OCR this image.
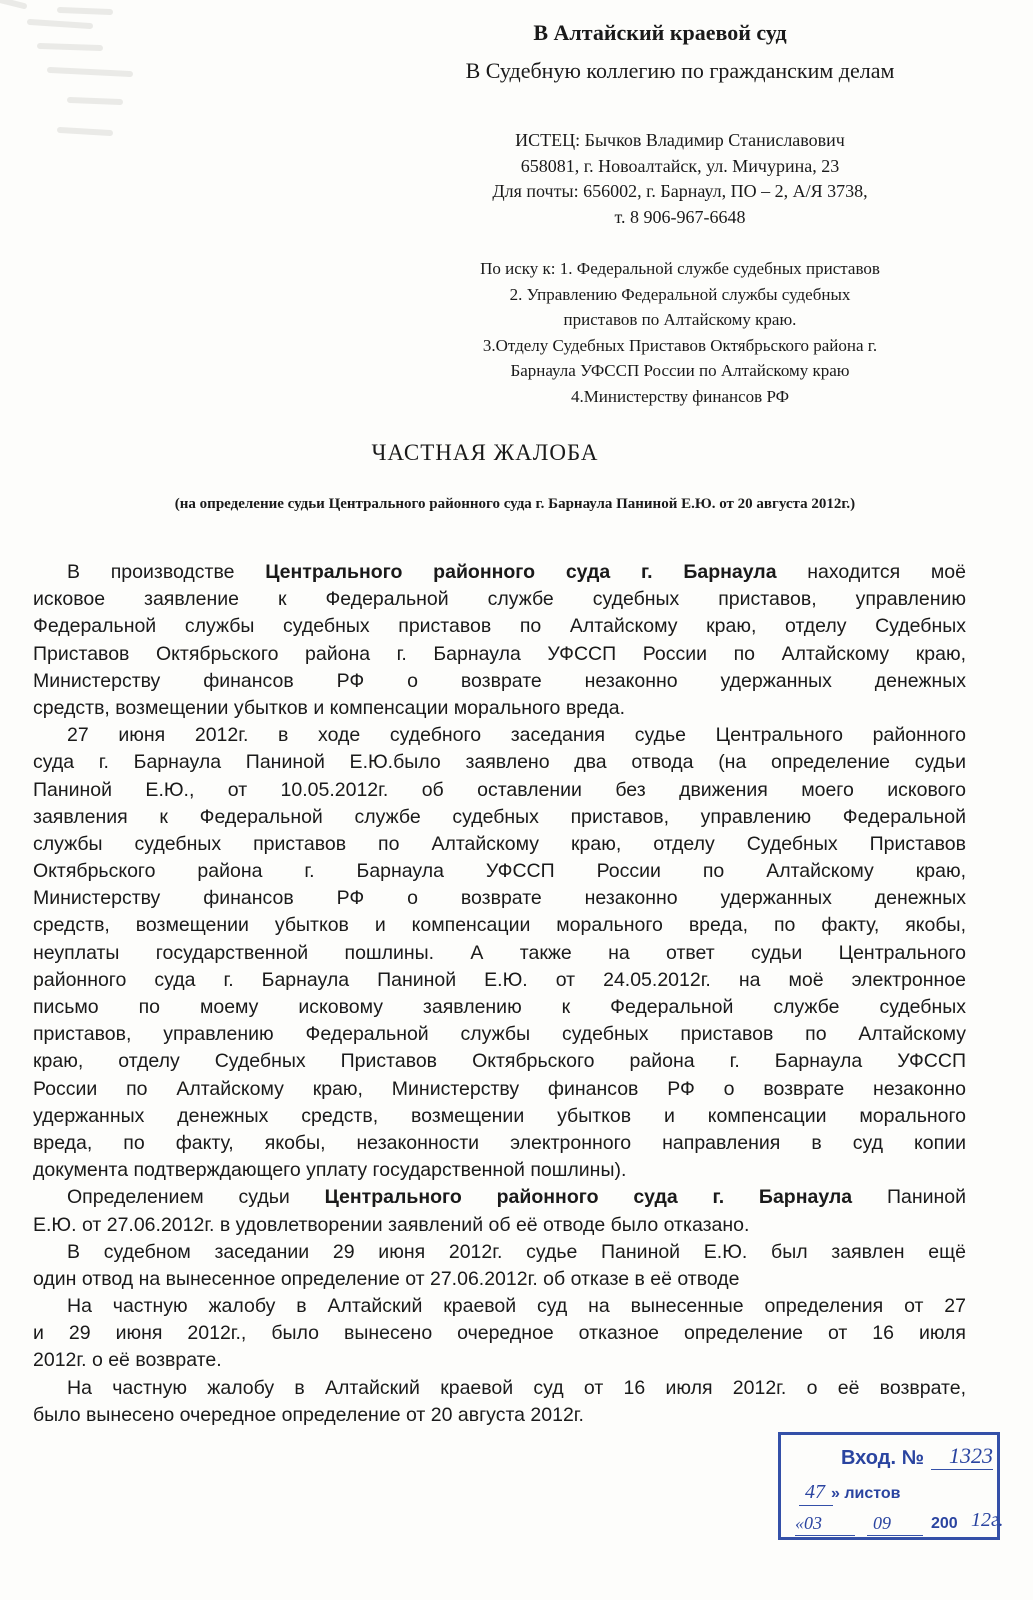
В Алтайский краевой суд
В Судебную коллегию по гражданским делам
ИСТЕЦ: Бычков Владимир Станиславович
658081, г. Новоалтайск, ул. Мичурина, 23
Для почты: 656002, г. Барнаул, ПО – 2, А/Я 3738,
т. 8 906-967-6648
По иску к: 1. Федеральной службе судебных приставов
2. Управлению Федеральной службы судебных
приставов по Алтайскому краю.
3.Отделу Судебных Приставов Октябрьского района г.
Барнаула УФССП России по Алтайскому краю
4.Министерству финансов РФ
ЧАСТНАЯ ЖАЛОБА
(на определение судьи Центрального районного суда г. Барнаула Паниной Е.Ю. от 20 августа 2012г.)
В производстве Центрального районного суда г. Барнаула находится моё
исковое заявление к Федеральной службе судебных приставов, управлению
Федеральной службы судебных приставов по Алтайскому краю, отделу Судебных
Приставов Октябрьского района г. Барнаула УФССП России по Алтайскому краю,
Министерству финансов РФ о возврате незаконно удержанных денежных
средств, возмещении убытков и компенсации морального вреда.
27 июня 2012г. в ходе судебного заседания судье Центрального районного
суда г. Барнаула Паниной Е.Ю.было заявлено два отвода (на определение судьи
Паниной Е.Ю., от 10.05.2012г. об оставлении без движения моего искового
заявления к Федеральной службе судебных приставов, управлению Федеральной
службы судебных приставов по Алтайскому краю, отделу Судебных Приставов
Октябрьского района г. Барнаула УФССП России по Алтайскому краю,
Министерству финансов РФ о возврате незаконно удержанных денежных
средств, возмещении убытков и компенсации морального вреда, по факту, якобы,
неуплаты государственной пошлины. А также на ответ судьи Центрального
районного суда г. Барнаула Паниной Е.Ю. от 24.05.2012г. на моё электронное
письмо по моему исковому заявлению к Федеральной службе судебных
приставов, управлению Федеральной службы судебных приставов по Алтайскому
краю, отделу Судебных Приставов Октябрьского района г. Барнаула УФССП
России по Алтайскому краю, Министерству финансов РФ о возврате незаконно
удержанных денежных средств, возмещении убытков и компенсации морального
вреда, по факту, якобы, незаконности электронного направления в суд копии
документа подтверждающего уплату государственной пошлины).
Определением судьи Центрального районного суда г. Барнаула Паниной
Е.Ю. от 27.06.2012г. в удовлетворении заявлений об её отводе было отказано.
В судебном заседании 29 июня 2012г. судье Паниной Е.Ю. был заявлен ещё
один отвод на вынесенное определение от 27.06.2012г. об отказе в её отводе
На частную жалобу в Алтайский краевой суд на вынесенные определения от 27
и 29 июня 2012г., было вынесено очередное отказное определение от 16 июля
2012г. о её возврате.
На частную жалобу в Алтайский краевой суд от 16 июля 2012г. о её возврате,
было вынесено очередное определение от 20 августа 2012г.
Вход. № 1323
47 » листов
«03	09	200 12г.
